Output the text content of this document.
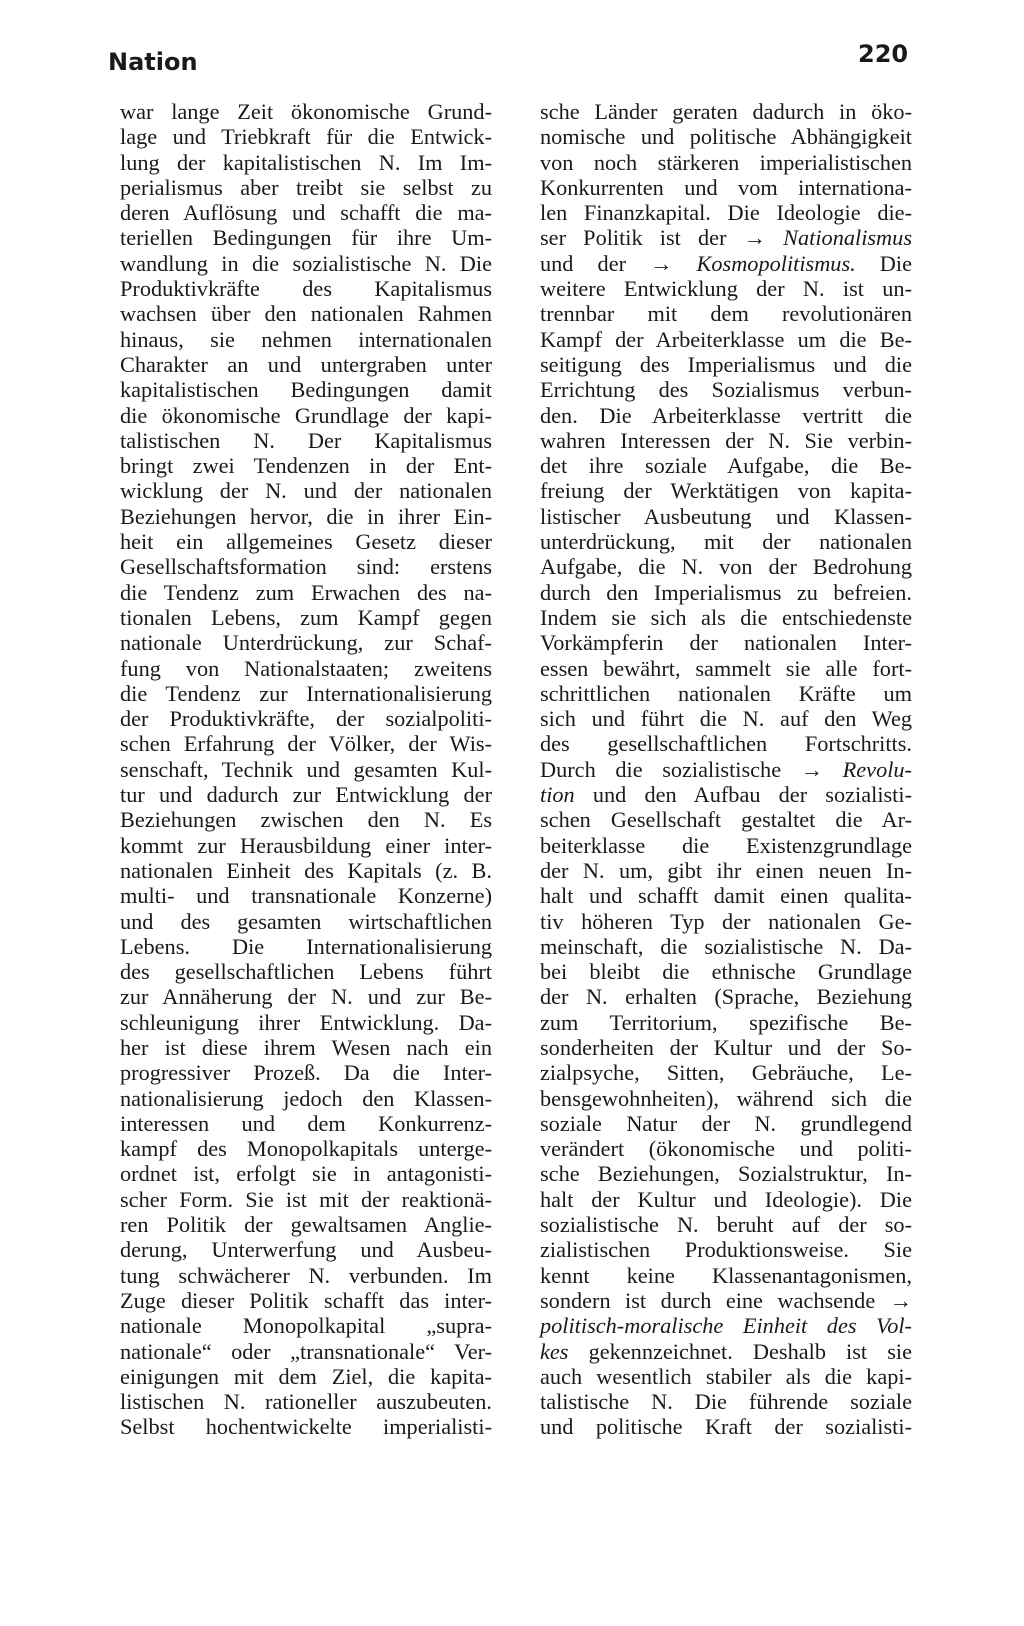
Nation	220
war lange Zeit ökonomische Grund-
lage und Triebkraft für die Entwick-
lung der kapitalistischen N. Im Im-
perialismus aber treibt sie selbst zu
deren Auflösung und schafft die ma-
teriellen Bedingungen für ihre Um-
wandlung in die sozialistische N. Die
Produktivkräfte des Kapitalismus
wachsen über den nationalen Rahmen
hinaus, sie nehmen internationalen
Charakter an und untergraben unter
kapitalistischen Bedingungen damit
die ökonomische Grundlage der kapi-
talistischen N. Der Kapitalismus
bringt zwei Tendenzen in der Ent-
wicklung der N. und der nationalen
Beziehungen hervor, die in ihrer Ein-
heit ein allgemeines Gesetz dieser
Gesellschaftsformation sind: erstens
die Tendenz zum Erwachen des na-
tionalen Lebens, zum Kampf gegen
nationale Unterdrückung, zur Schaf-
fung von Nationalstaaten; zweitens
die Tendenz zur Internationalisierung
der Produktivkräfte, der sozialpoliti-
schen Erfahrung der Völker, der Wis-
senschaft, Technik und gesamten Kul-
tur und dadurch zur Entwicklung der
Beziehungen zwischen den N. Es
kommt zur Herausbildung einer inter-
nationalen Einheit des Kapitals (z. B.
multi- und transnationale Konzerne)
und des gesamten wirtschaftlichen
Lebens. Die Internationalisierung
des gesellschaftlichen Lebens führt
zur Annäherung der N. und zur Be-
schleunigung ihrer Entwicklung. Da-
her ist diese ihrem Wesen nach ein
progressiver Prozeß. Da die Inter-
nationalisierung jedoch den Klassen-
interessen und dem Konkurrenz-
kampf des Monopolkapitals unterge-
ordnet ist, erfolgt sie in antagonisti-
scher Form. Sie ist mit der reaktionä-
ren Politik der gewaltsamen Anglie-
derung, Unterwerfung und Ausbeu-
tung schwächerer N. verbunden. Im
Zuge dieser Politik schafft das inter-
nationale Monopolkapital „supra-
nationale“ oder „transnationale“ Ver-
einigungen mit dem Ziel, die kapita-
listischen N. rationeller auszubeuten.
Selbst hochentwickelte imperialisti-
sche Länder geraten dadurch in öko-
nomische und politische Abhängigkeit
von noch stärkeren imperialistischen
Konkurrenten und vom internationa-
len Finanzkapital. Die Ideologie die-
ser Politik ist der → Nationalismus
und der → Kosmopolitismus. Die
weitere Entwicklung der N. ist un-
trennbar mit dem revolutionären
Kampf der Arbeiterklasse um die Be-
seitigung des Imperialismus und die
Errichtung des Sozialismus verbun-
den. Die Arbeiterklasse vertritt die
wahren Interessen der N. Sie verbin-
det ihre soziale Aufgabe, die Be-
freiung der Werktätigen von kapita-
listischer Ausbeutung und Klassen-
unterdrückung, mit der nationalen
Aufgabe, die N. von der Bedrohung
durch den Imperialismus zu befreien.
Indem sie sich als die entschiedenste
Vorkämpferin der nationalen Inter-
essen bewährt, sammelt sie alle fort-
schrittlichen nationalen Kräfte um
sich und führt die N. auf den Weg
des gesellschaftlichen Fortschritts.
Durch die sozialistische → Revolu-
tion und den Aufbau der sozialisti-
schen Gesellschaft gestaltet die Ar-
beiterklasse die Existenzgrundlage
der N. um, gibt ihr einen neuen In-
halt und schafft damit einen qualita-
tiv höheren Typ der nationalen Ge-
meinschaft, die sozialistische N. Da-
bei bleibt die ethnische Grundlage
der N. erhalten (Sprache, Beziehung
zum Territorium, spezifische Be-
sonderheiten der Kultur und der So-
zialpsyche, Sitten, Gebräuche, Le-
bensgewohnheiten), während sich die
soziale Natur der N. grundlegend
verändert (ökonomische und politi-
sche Beziehungen, Sozialstruktur, In-
halt der Kultur und Ideologie). Die
sozialistische N. beruht auf der so-
zialistischen Produktionsweise. Sie
kennt keine Klassenantagonismen,
sondern ist durch eine wachsende →
politisch-moralische Einheit des Vol-
kes gekennzeichnet. Deshalb ist sie
auch wesentlich stabiler als die kapi-
talistische N. Die führende soziale
und politische Kraft der sozialisti-
